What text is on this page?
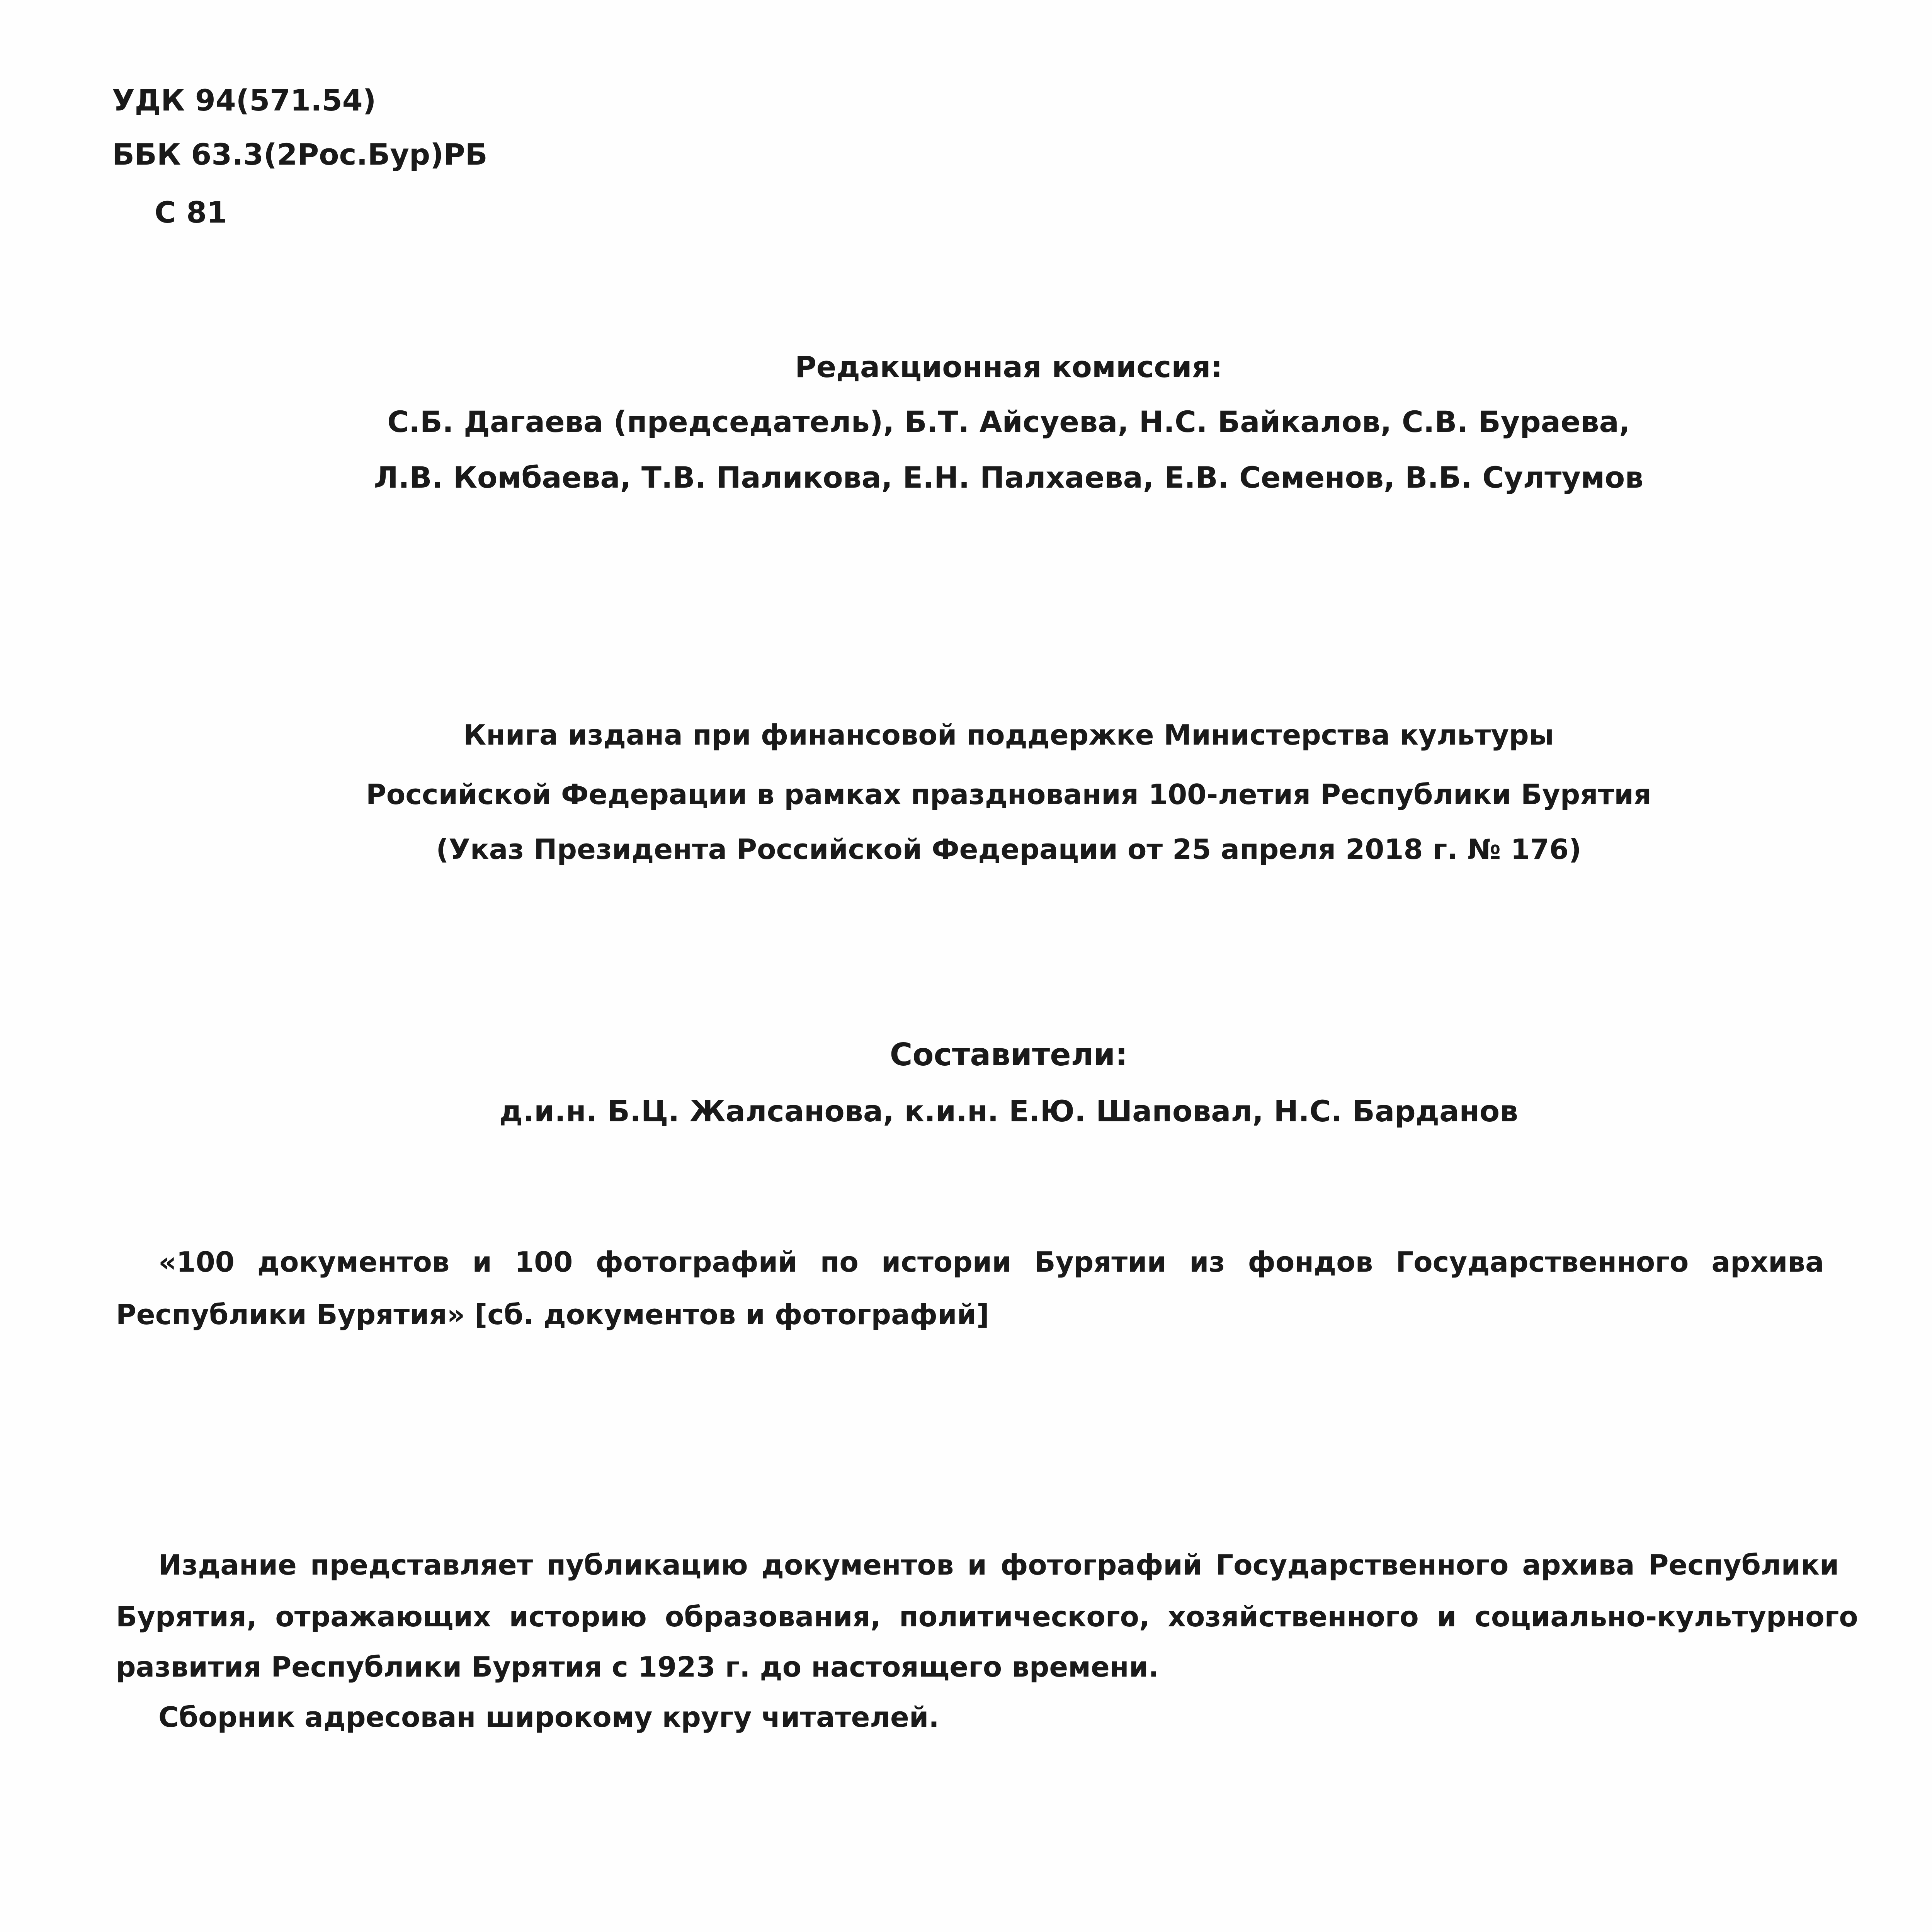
УДК 94(571.54)
ББК 63.3(2Рос.Бур)РБ
С 81
Редакционная комиссия:
С.Б. Дагаева (председатель), Б.Т. Айсуева, Н.С. Байкалов, С.В. Бураева,
Л.В. Комбаева, Т.В. Паликова, Е.Н. Палхаева, Е.В. Семенов, В.Б. Султумов
Книга издана при финансовой поддержке Министерства культуры
Российской Федерации в рамках празднования 100-летия Республики Бурятия
(Указ Президента Российской Федерации от 25 апреля 2018 г. № 176)
Составители:
д.и.н. Б.Ц. Жалсанова, к.и.н. Е.Ю. Шаповал, Н.С. Барданов
«100 документов и 100 фотографий по истории Бурятии из фондов Государственного архива
Республики Бурятия» [сб. документов и фотографий]
Издание представляет публикацию документов и фотографий Государственного архива Республики
Бурятия, отражающих историю образования, политического, хозяйственного и социально-культурного
развития Республики Бурятия с 1923 г. до настоящего времени.
Сборник адресован широкому кругу читателей.
